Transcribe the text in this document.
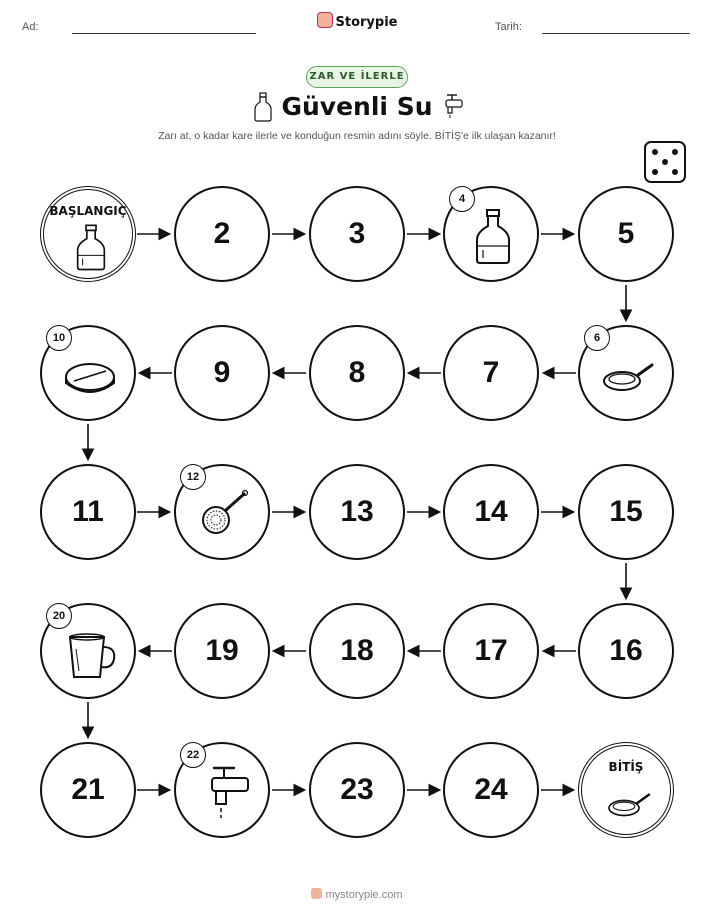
Ad:	Storypie	Tarih:
ZAR VE İLERLE
Güvenli Su
Zarı at, o kadar kare ilerle ve konduğun resmin adını söyle. BİTİŞ'e ilk ulaşan kazanır!
BAŞLANGIÇ
2	3
4
5
6
7
8
9
10
11
12
13	14	15
16
17
18
19
20
21
22
23	24
BİTİŞ
mystorypie.com
